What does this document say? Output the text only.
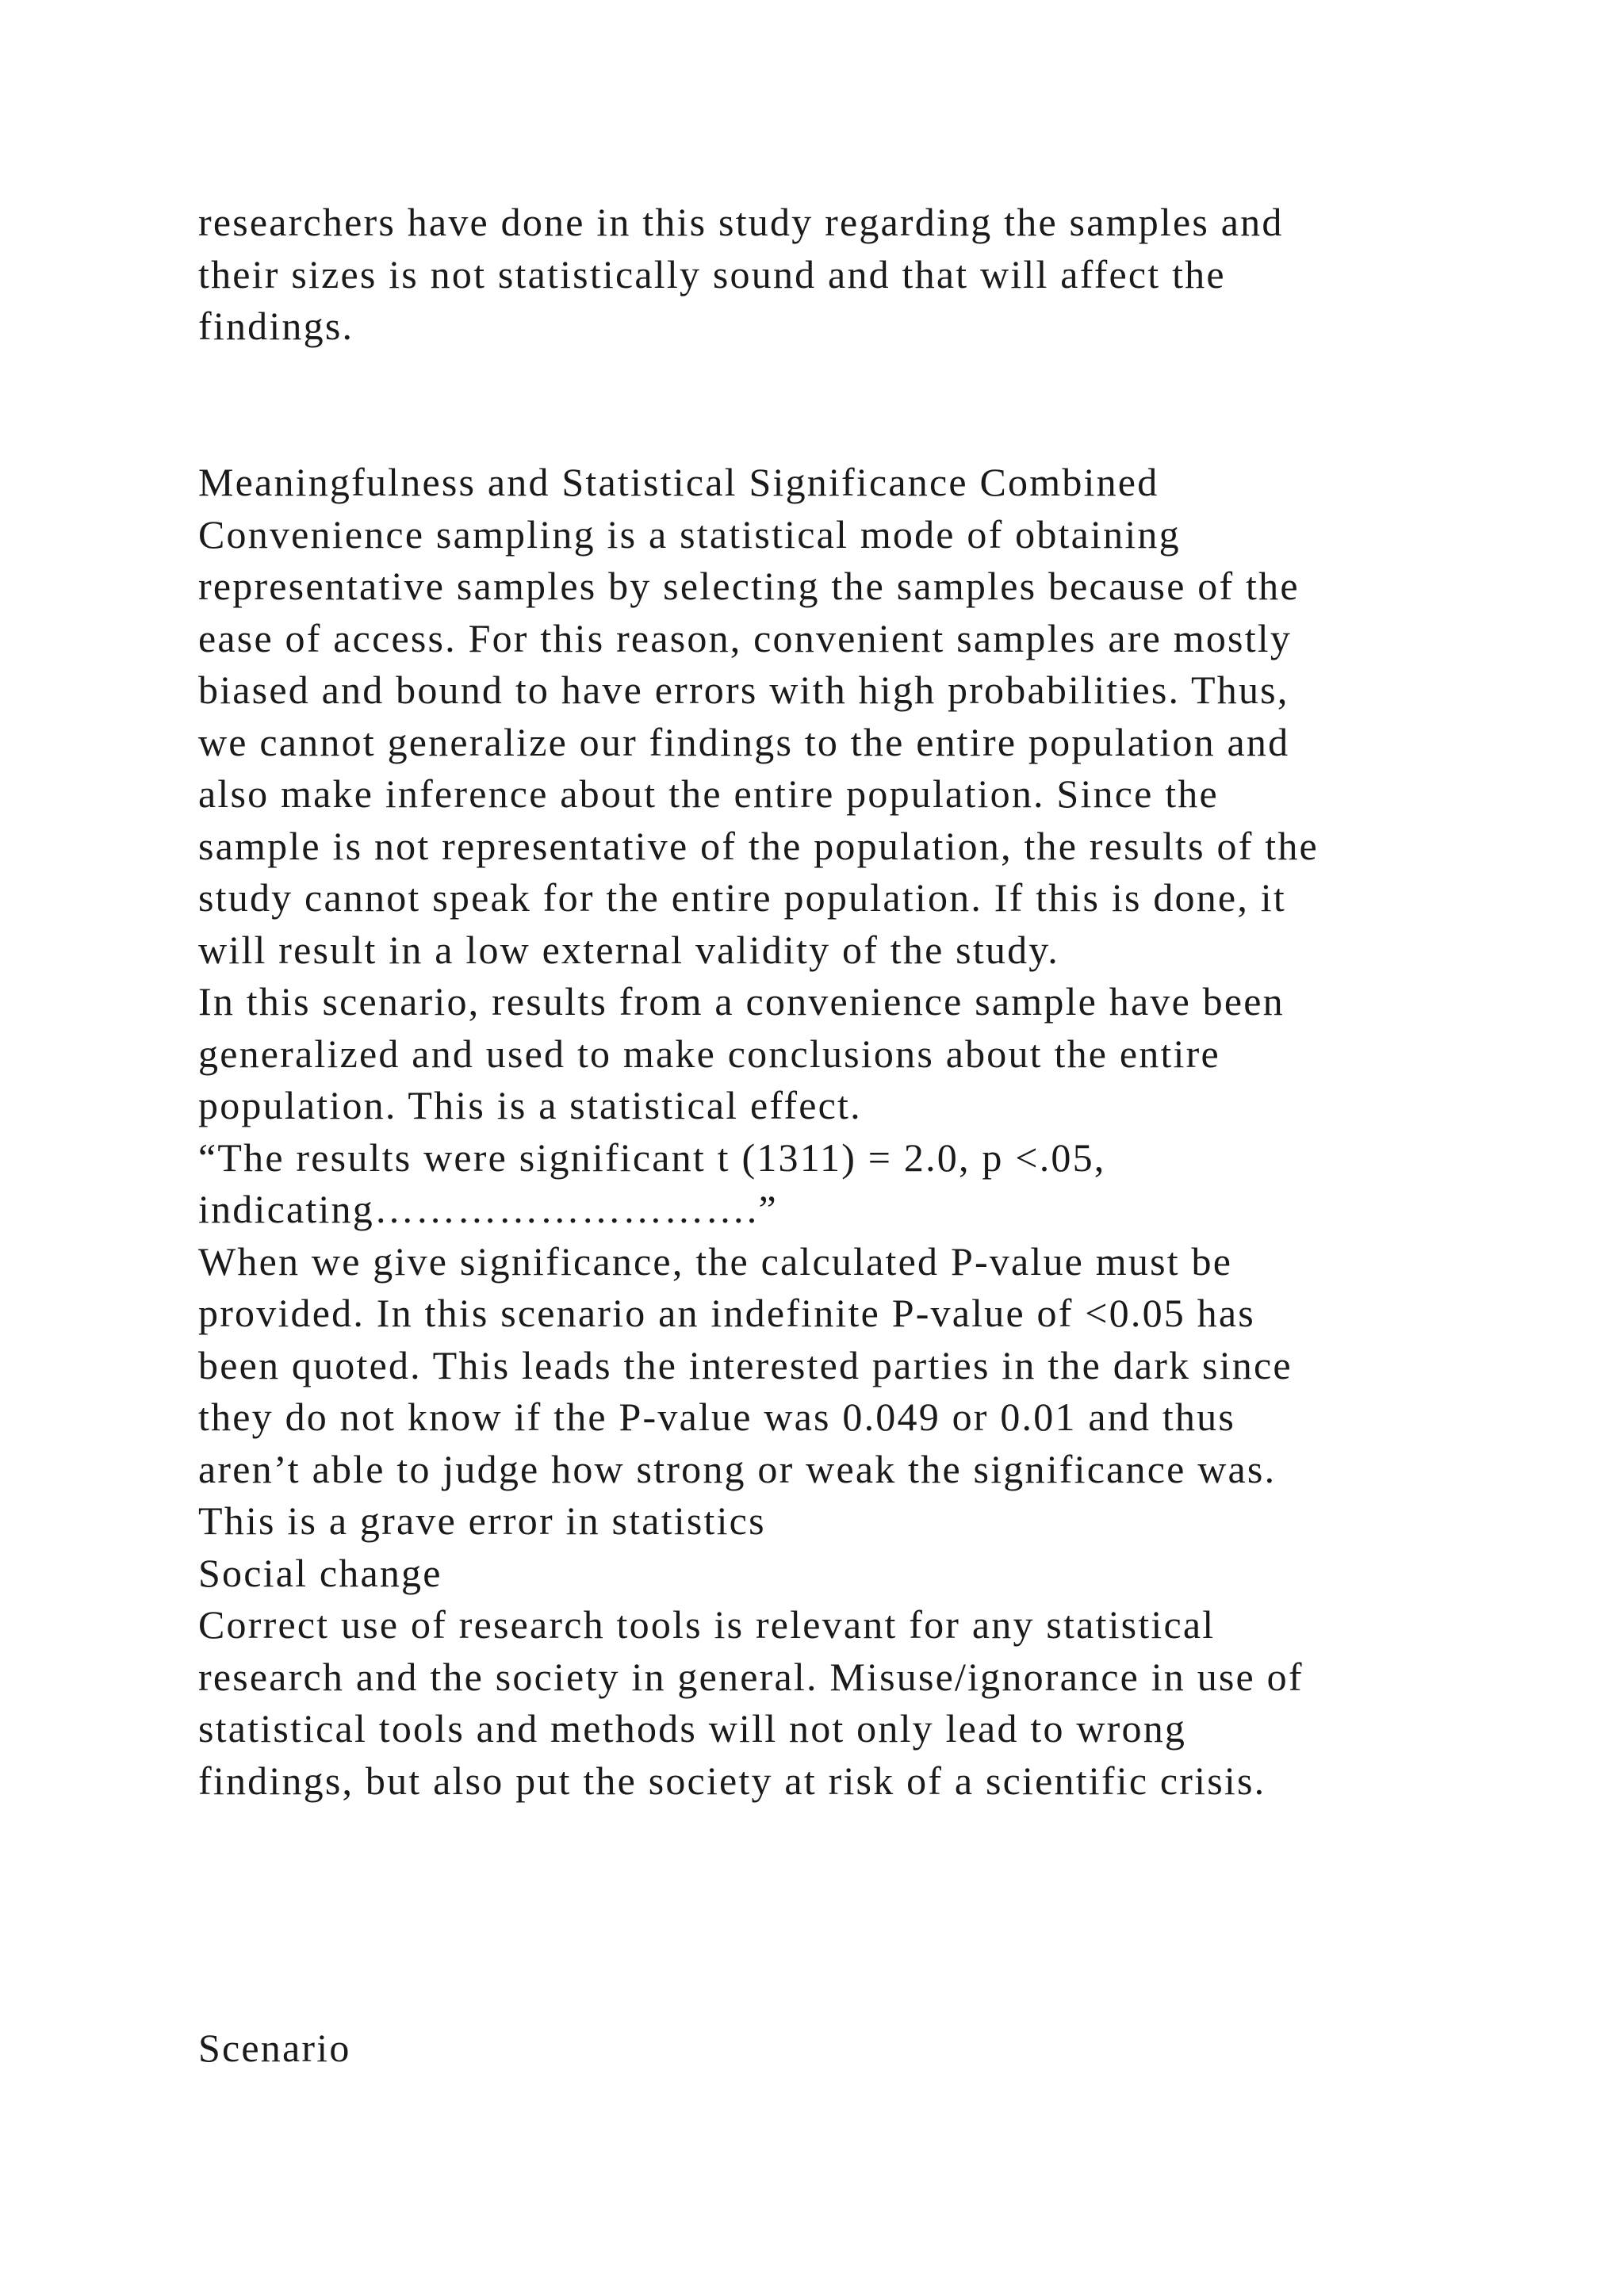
researchers have done in this study regarding the samples and
their sizes is not statistically sound and that will affect the
findings.
Meaningfulness and Statistical Significance Combined
Convenience sampling is a statistical mode of obtaining
representative samples by selecting the samples because of the
ease of access. For this reason, convenient samples are mostly
biased and bound to have errors with high probabilities. Thus,
we cannot generalize our findings to the entire population and
also make inference about the entire population. Since the
sample is not representative of the population, the results of the
study cannot speak for the entire population. If this is done, it
will result in a low external validity of the study.
In this scenario, results from a convenience sample have been
generalized and used to make conclusions about the entire
population. This is a statistical effect.
“The results were significant t (1311) = 2.0, p <.05,
indicating……………………….”
When we give significance, the calculated P-value must be
provided. In this scenario an indefinite P-value of <0.05 has
been quoted. This leads the interested parties in the dark since
they do not know if the P-value was 0.049 or 0.01 and thus
aren’t able to judge how strong or weak the significance was.
This is a grave error in statistics
Social change
Correct use of research tools is relevant for any statistical
research and the society in general. Misuse/ignorance in use of
statistical tools and methods will not only lead to wrong
findings, but also put the society at risk of a scientific crisis.
Scenario
